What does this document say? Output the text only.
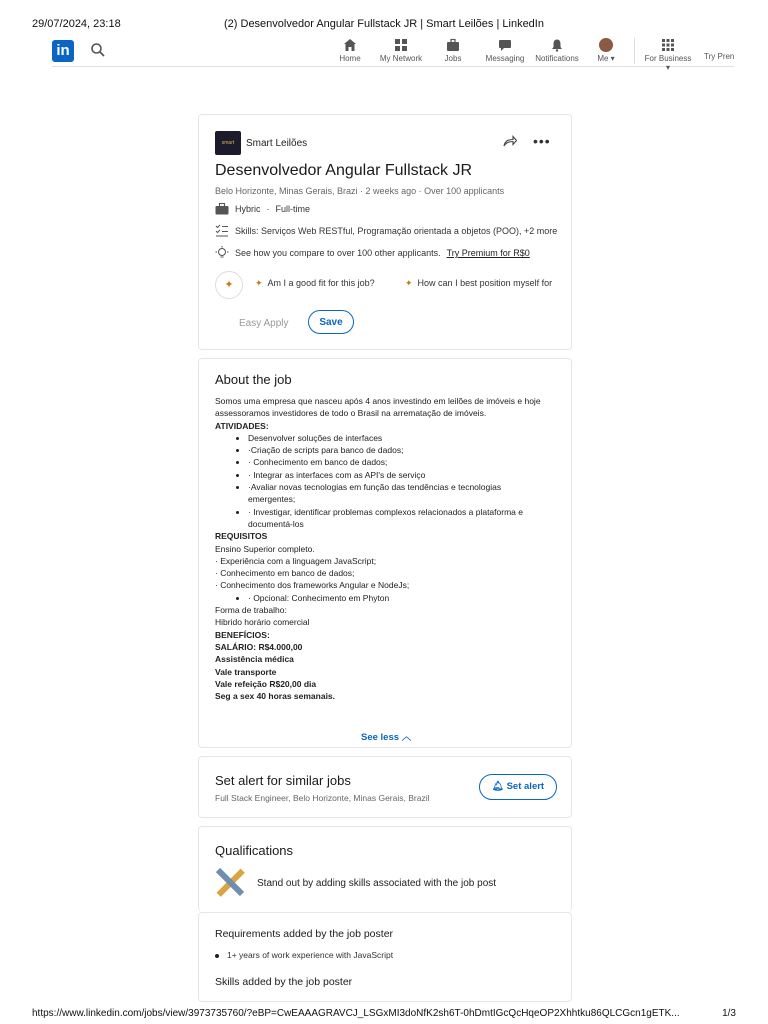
29/07/2024, 23:18	(2) Desenvolvedor Angular Fullstack JR | Smart Leilões | LinkedIn
in	Home	My Network	Jobs	Messaging Notifications	Me ▾	For Business ▾
Try Pren
smart	Smart Leilões	•••
Desenvolvedor Angular Fullstack JR
Belo Horizonte, Minas Gerais, Brazi · 2 weeks ago · Over 100 applicants
Hybric · Full-time
Skills: Serviços Web RESTful, Programação orientada a objetos (POO), +2 more
See how you compare to over 100 other applicants. Try Premium for R$0
✦	✦ Am I a good fit for this job?	✦ How can I best position myself for
Easy Apply	Save
About the job

Somos uma empresa que nasceu após 4 anos investindo em leilões de imóveis e hoje

assessoramos investidores de todo o Brasil na arrematação de imóveis.

ATIVIDADES:

• Desenvolver soluções de interfaces
• ·Criação de scripts para banco de dados;
• · Conhecimento em banco de dados;
• · Integrar as interfaces com as API's de serviço
• ·Avaliar novas tecnologias em função das tendências e tecnologias
emergentes;
• · Investigar, identificar problemas complexos relacionados a plataforma e
documentá-los

REQUISITOS

Ensino Superior completo.

· Experiência com a linguagem JavaScript;

· Conhecimento em banco de dados;

· Conhecimento dos frameworks Angular e NodeJs;

• · Opcional: Conhecimento em Phyton

Forma de trabalho:

Hibrido horário comercial

BENEFÍCIOS:

SALÁRIO: R$4.000,00

Assistência médica

Vale transporte

Vale refeição R$20,00 dia

Seg a sex 40 horas semanais.

See less ︿
Set alert for similar jobs
Full Stack Engineer, Belo Horizonte, Minas Gerais, Brazil
🔔︎ Set alert
Qualifications
Stand out by adding skills associated with the job post
Requirements added by the job poster
1+ years of work experience with JavaScript
Skills added by the job poster
https://www.linkedin.com/jobs/view/3973735760/?eBP=CwEAAAGRAVCJ_LSGxMI3doNfK2sh6T-0hDmtIGcQcHqeOP2Xhhtku86QLCGcn1gETK...	1/3
